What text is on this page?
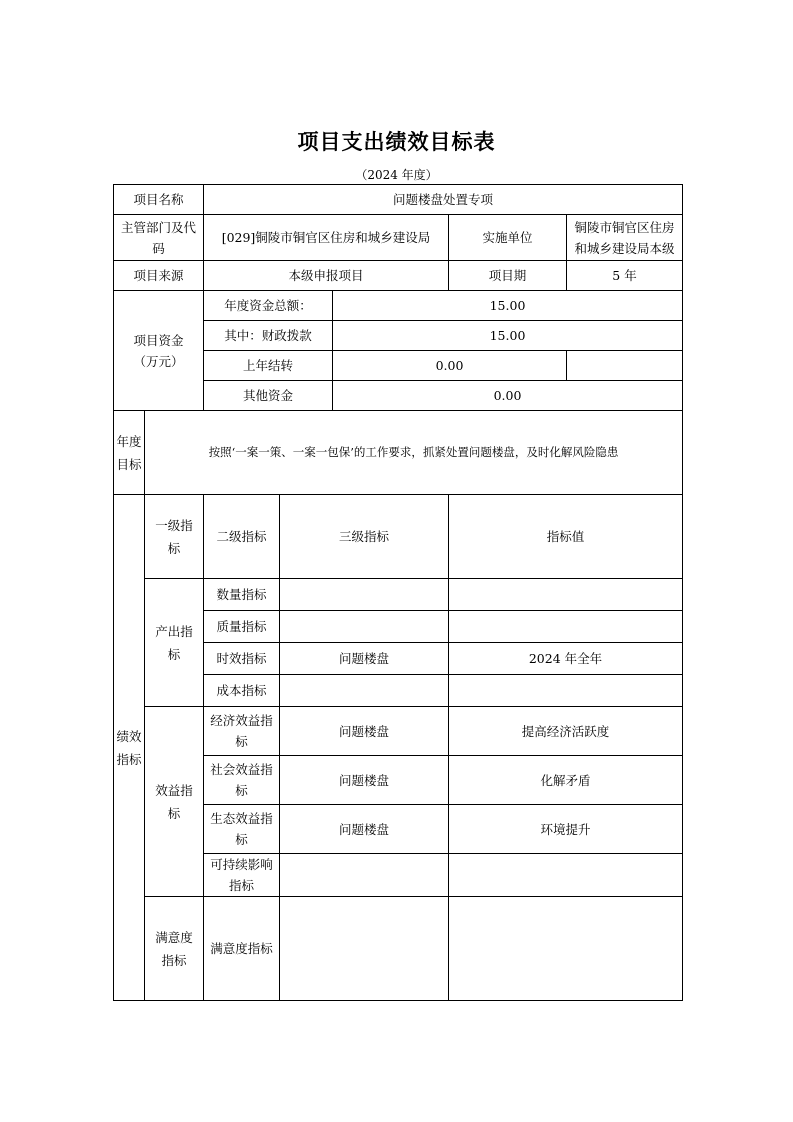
项目支出绩效目标表
（2024 年度）
项目名称		问题楼盘处置专项				
主管部门及代码		[029]铜陵市铜官区住房和城乡建设局			实施单位	铜陵市铜官区住房和城乡建设局本级
项目来源		本级申报项目			项目期	5 年
项目资金（万元）		年度资金总额：		15.00		
		其中：财政拨款		15.00		
		上年结转		0.00		
		其他资金		0.00		
年度目标	按照‘一案一策、一案一包保’的工作要求，抓紧处置问题楼盘，及时化解风险隐患					
绩效指标	一级指标	二级指标	三级指标		指标值	
	产出指标	数量指标				
		质量指标				
		时效指标	问题楼盘		2024 年全年	
		成本指标				
	效益指标	经济效益指标	问题楼盘		提高经济活跃度	
		社会效益指标	问题楼盘		化解矛盾	
		生态效益指标	问题楼盘		环境提升	
		可持续影响指标				
	满意度指标	满意度指标				
